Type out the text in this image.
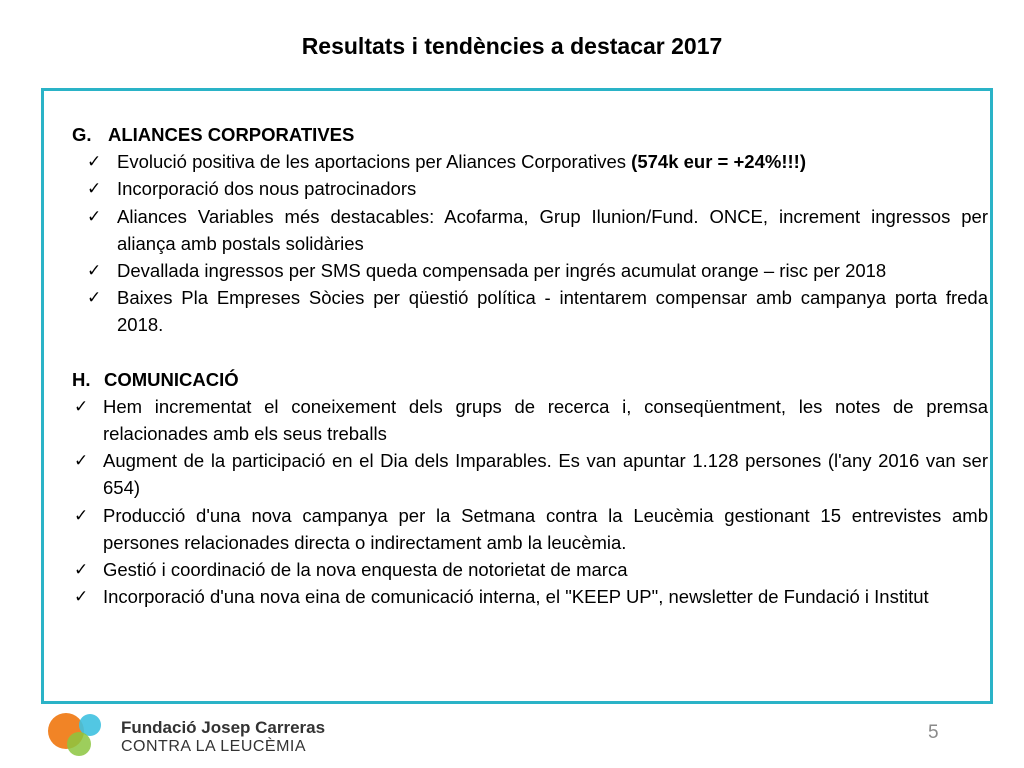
Resultats i tendències a destacar 2017
G. ALIANCES CORPORATIVES
✓ Evolució positiva de les aportacions per Aliances Corporatives (574k eur = +24%!!!)
✓ Incorporació dos nous patrocinadors
✓ Aliances Variables més destacables: Acofarma, Grup Ilunion/Fund. ONCE, increment ingressos per aliança amb postals solidàries
✓ Devallada ingressos per SMS queda compensada per ingrés acumulat orange – risc per 2018
✓ Baixes Pla Empreses Sòcies per qüestió política - intentarem compensar amb campanya porta freda 2018.
H. COMUNICACIÓ
✓ Hem incrementat el coneixement dels grups de recerca i, conseqüentment, les notes de premsa relacionades amb els seus treballs
✓ Augment de la participació en el Dia dels Imparables. Es van apuntar 1.128 persones (l'any 2016 van ser 654)
✓ Producció d'una nova campanya per la Setmana contra la Leucèmia gestionant 15 entrevistes amb persones relacionades directa o indirectament amb la leucèmia.
✓ Gestió i coordinació de la nova enquesta de notorietat de marca
✓ Incorporació d'una nova eina de comunicació interna, el "KEEP UP", newsletter de Fundació i Institut
Fundació Josep Carreras
CONTRA LA LEUCÈMIA
5
